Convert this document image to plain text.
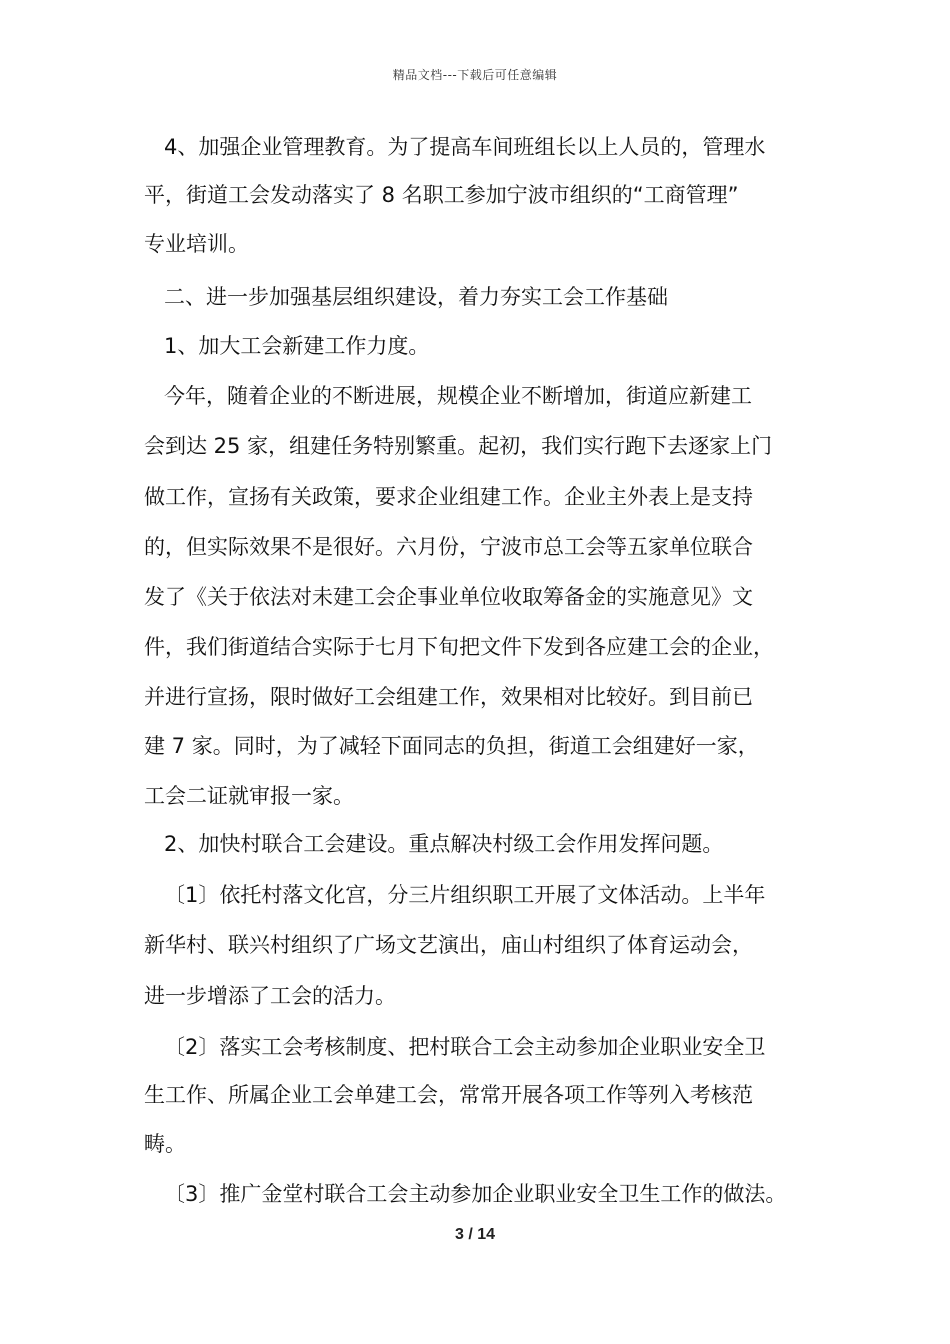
精品文档---下载后可任意编辑
4、加强企业管理教育。为了提高车间班组长以上人员的，管理水
平，街道工会发动落实了 8 名职工参加宁波市组织的“工商管理”
专业培训。
二、进一步加强基层组织建设，着力夯实工会工作基础
1、加大工会新建工作力度。
今年，随着企业的不断进展，规模企业不断增加，街道应新建工
会到达 25 家，组建任务特别繁重。起初，我们实行跑下去逐家上门
做工作，宣扬有关政策，要求企业组建工作。企业主外表上是支持
的，但实际效果不是很好。六月份，宁波市总工会等五家单位联合
发了《关于依法对未建工会企事业单位收取筹备金的实施意见》文
件，我们街道结合实际于七月下旬把文件下发到各应建工会的企业，
并进行宣扬，限时做好工会组建工作，效果相对比较好。到目前已
建 7 家。同时，为了减轻下面同志的负担，街道工会组建好一家，
工会二证就审报一家。
2、加快村联合工会建设。重点解决村级工会作用发挥问题。
〔1〕依托村落文化宫，分三片组织职工开展了文体活动。上半年
新华村、联兴村组织了广场文艺演出，庙山村组织了体育运动会，
进一步增添了工会的活力。
〔2〕落实工会考核制度、把村联合工会主动参加企业职业安全卫
生工作、所属企业工会单建工会，常常开展各项工作等列入考核范
畴。
〔3〕推广金堂村联合工会主动参加企业职业安全卫生工作的做法。
3 / 14
